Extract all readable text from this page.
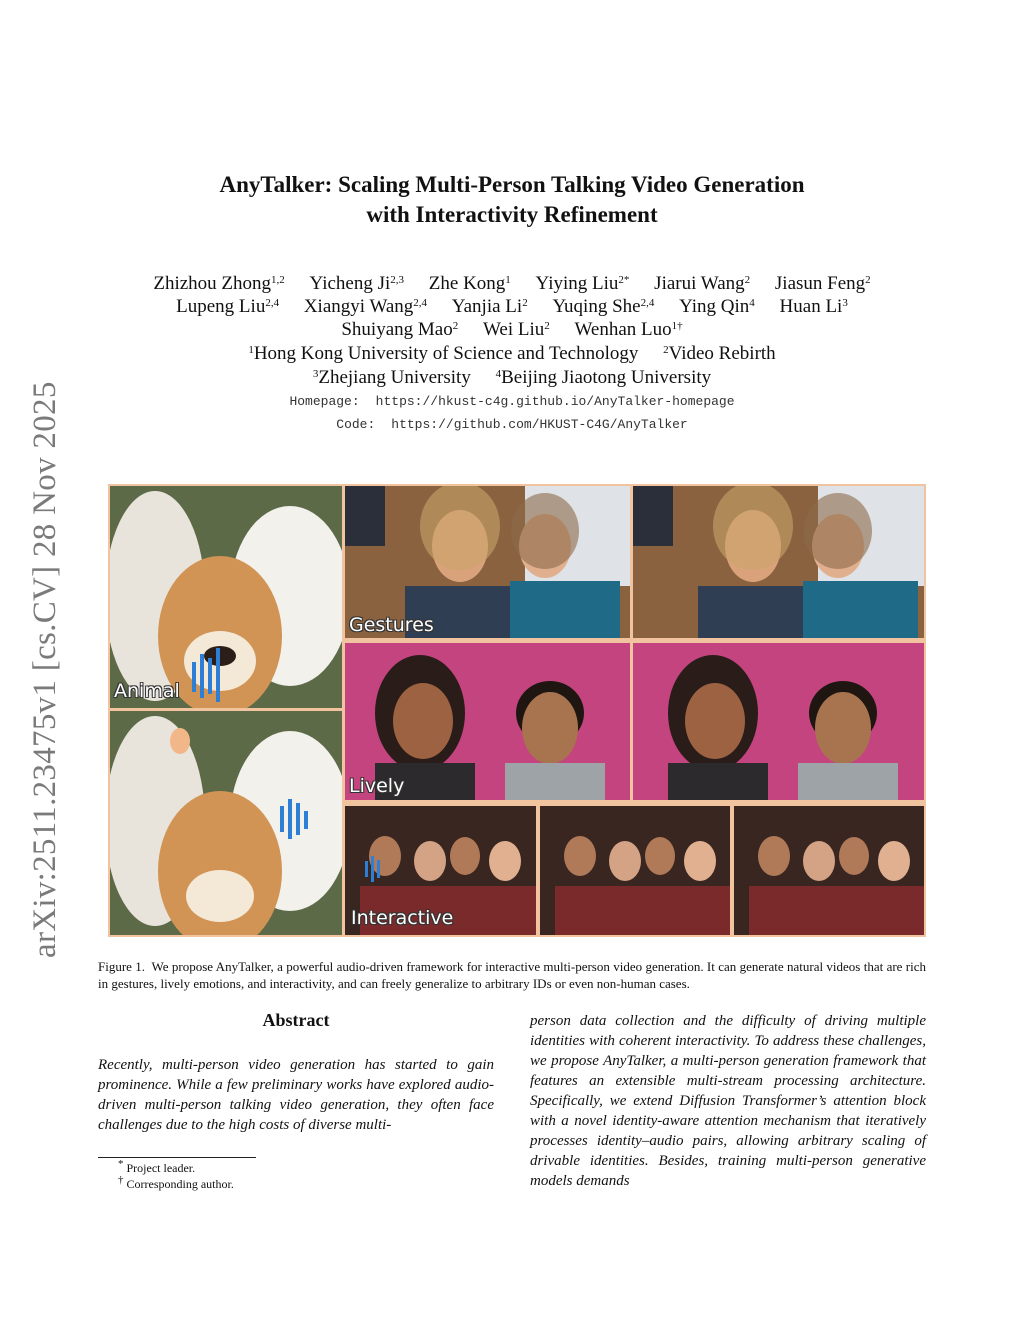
arXiv:2511.23475v1 [cs.CV] 28 Nov 2025
AnyTalker: Scaling Multi-Person Talking Video Generation
with Interactivity Refinement
Zhizhou Zhong$^{1,2}$ Yicheng Ji$^{2,3}$ Zhe Kong$^1$ Yiying Liu$^{2*}$ Jiarui Wang$^2$ Jiasun Feng$^2$
Lupeng Liu$^{2,4}$ Xiangyi Wang$^{2,4}$ Yanjia Li$^2$ Yuqing She$^{2,4}$ Ying Qin$^4$ Huan Li$^3$
Shuiyang Mao$^2$ Wei Liu$^2$ Wenhan Luo$^{1\dagger}$
$^1$Hong Kong University of Science and Technology $^2$Video Rebirth
$^3$Zhejiang University $^4$Beijing Jiaotong University
Homepage: https://hkust-c4g.github.io/AnyTalker-homepage
Code: https://github.com/HKUST-C4G/AnyTalker
Animal
Gestures
Lively
Interactive
Figure 1. We propose AnyTalker, a powerful audio-driven framework for interactive multi-person video generation. It can generate natural videos that are rich in gestures, lively emotions, and interactivity, and can freely generalize to arbitrary IDs or even non-human cases.
Abstract
Recently, multi-person video generation has started to gain prominence. While a few preliminary works have explored audio-driven multi-person talking video generation, they often face challenges due to the high costs of diverse multi-
person data collection and the difficulty of driving multiple identities with coherent interactivity. To address these challenges, we propose AnyTalker, a multi-person generation framework that features an extensible multi-stream processing architecture. Specifically, we extend Diffusion Transformer’s attention block with a novel identity-aware attention mechanism that iteratively processes identity–audio pairs, allowing arbitrary scaling of drivable identities. Besides, training multi-person generative models demands
* Project leader.
† Corresponding author.
